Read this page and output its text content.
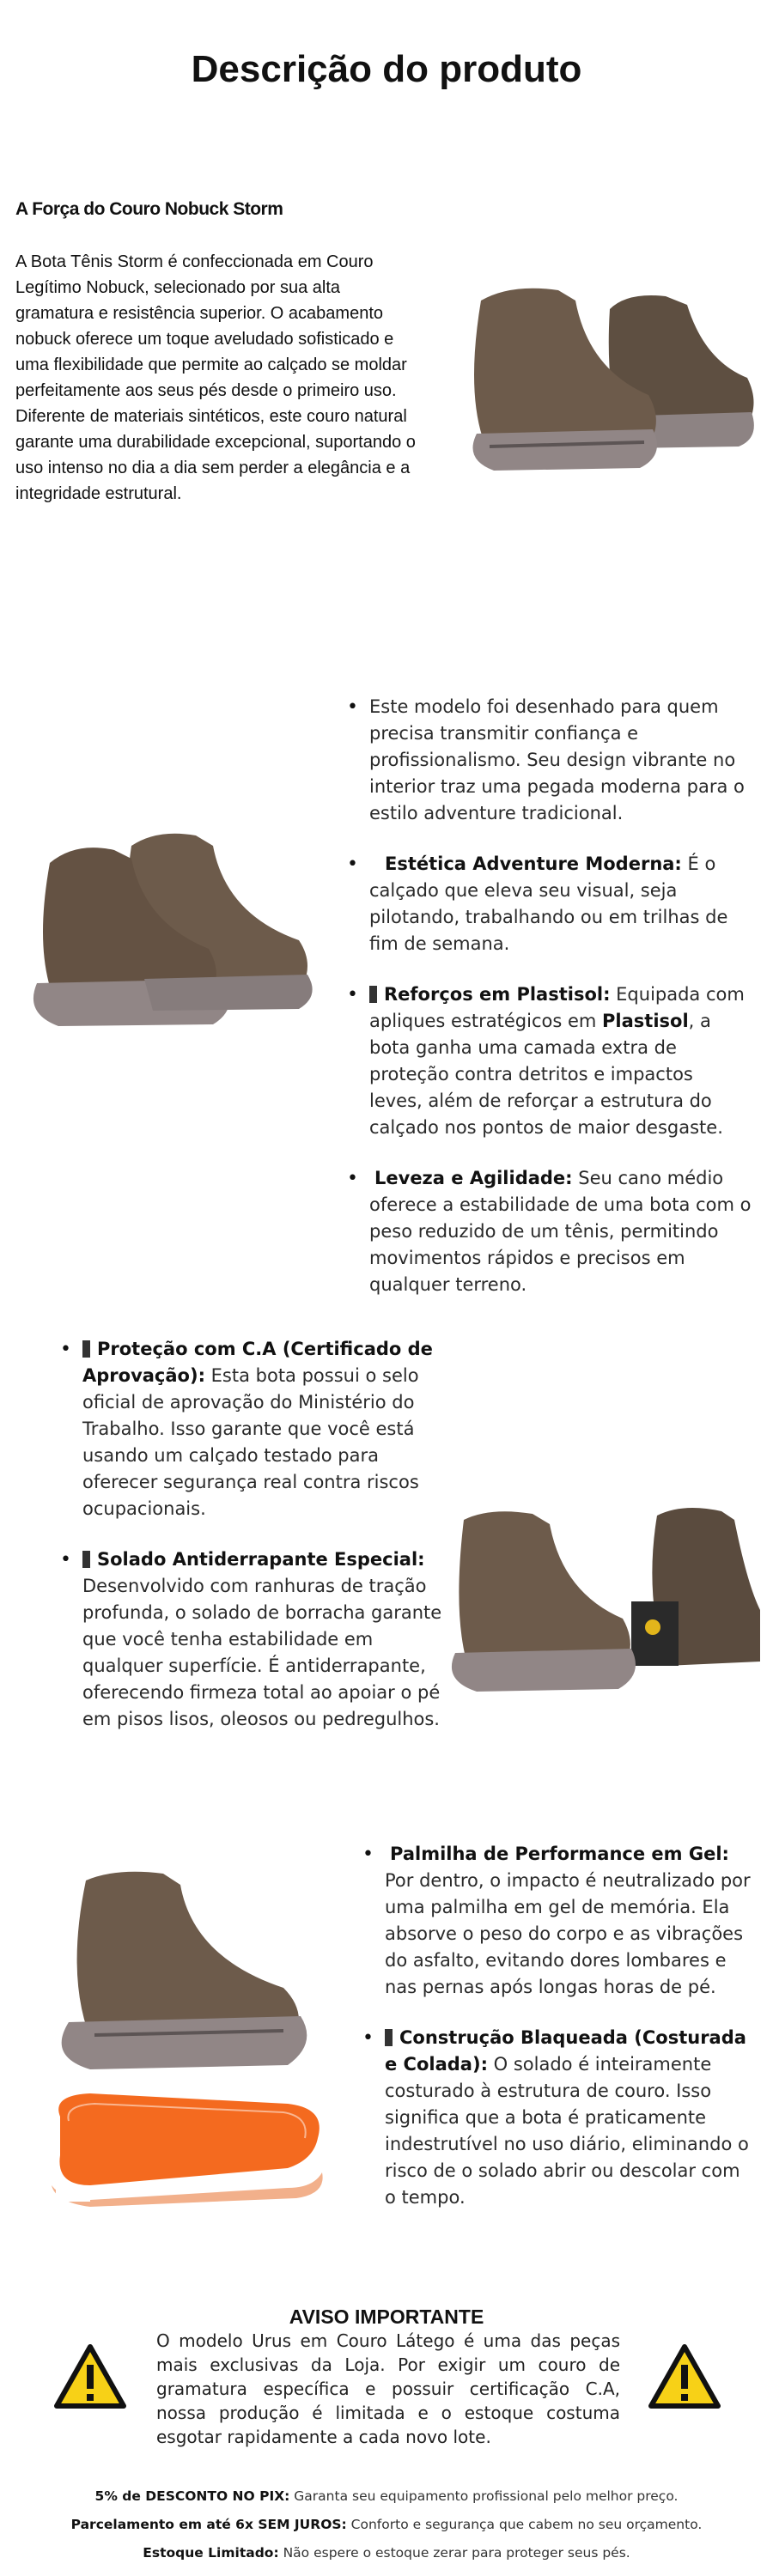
Descrição do produto
A Força do Couro Nobuck Storm
A Bota Tênis Storm é confeccionada em Couro Legítimo Nobuck, selecionado por sua alta gramatura e resistência superior. O acabamento nobuck oferece um toque aveludado sofisticado e uma flexibilidade que permite ao calçado se moldar perfeitamente aos seus pés desde o primeiro uso. Diferente de materiais sintéticos, este couro natural garante uma durabilidade excepcional, suportando o uso intenso no dia a dia sem perder a elegância e a integridade estrutural.
• Este modelo foi desenhado para quem precisa transmitir confiança e profissionalismo. Seu design vibrante no interior traz uma pegada moderna para o estilo adventure tradicional.
• Estética Adventure Moderna: É o calçado que eleva seu visual, seja pilotando, trabalhando ou em trilhas de fim de semana.
• Reforços em Plastisol: Equipada com apliques estratégicos em Plastisol, a bota ganha uma camada extra de proteção contra detritos e impactos leves, além de reforçar a estrutura do calçado nos pontos de maior desgaste.
• Leveza e Agilidade: Seu cano médio oferece a estabilidade de uma bota com o peso reduzido de um tênis, permitindo movimentos rápidos e precisos em qualquer terreno.
• Proteção com C.A (Certificado de Aprovação): Esta bota possui o selo oficial de aprovação do Ministério do Trabalho. Isso garante que você está usando um calçado testado para oferecer segurança real contra riscos ocupacionais.
• Solado Antiderrapante Especial: Desenvolvido com ranhuras de tração profunda, o solado de borracha garante que você tenha estabilidade em qualquer superfície. É antiderrapante, oferecendo firmeza total ao apoiar o pé em pisos lisos, oleosos ou pedregulhos.
• Palmilha de Performance em Gel: Por dentro, o impacto é neutralizado por uma palmilha em gel de memória. Ela absorve o peso do corpo e as vibrações do asfalto, evitando dores lombares e nas pernas após longas horas de pé.
• Construção Blaqueada (Costurada e Colada): O solado é inteiramente costurado à estrutura de couro. Isso significa que a bota é praticamente indestrutível no uso diário, eliminando o risco de o solado abrir ou descolar com o tempo.
AVISO IMPORTANTE
O modelo Urus em Couro Látego é uma das peças mais exclusivas da Loja. Por exigir um couro de gramatura específica e possuir certificação C.A, nossa produção é limitada e o estoque costuma esgotar rapidamente a cada novo lote.
5% de DESCONTO NO PIX: Garanta seu equipamento profissional pelo melhor preço.
Parcelamento em até 6x SEM JUROS: Conforto e segurança que cabem no seu orçamento.
Estoque Limitado: Não espere o estoque zerar para proteger seus pés.
